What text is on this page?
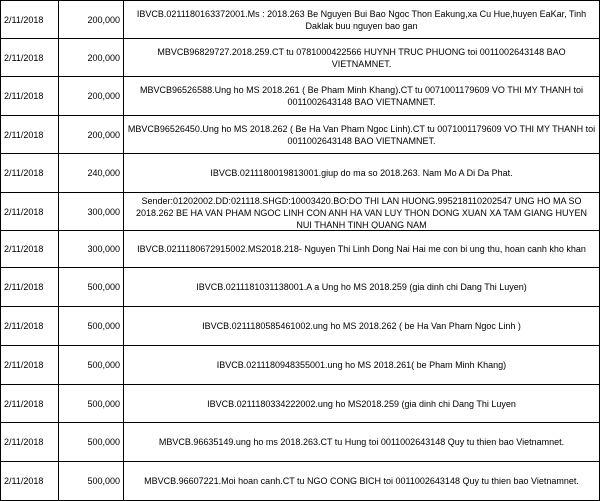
2/11/2018	200,000	IBVCB.0211180163372001.Ms : 2018.263 Be Nguyen Bui Bao Ngoc Thon Eakung,xa Cu Hue,huyen EaKar, Tinh Daklak buu nguyen bao gan
2/11/2018	200,000	MBVCB96829727.2018.259.CT tu 0781000422566 HUYNH TRUC PHUONG toi 0011002643148 BAO VIETNAMNET.
2/11/2018	200,000	MBVCB96526588.Ung ho MS 2018.261 ( Be Pham Minh Khang).CT tu 0071001179609 VO THI MY THANH toi 0011002643148 BAO VIETNAMNET.
2/11/2018	200,000	MBVCB96526450.Ung ho MS 2018.262 ( Be Ha Van Pham Ngoc Linh).CT tu 0071001179609 VO THI MY THANH toi 0011002643148 BAO VIETNAMNET.
2/11/2018	240,000	IBVCB.0211180019813001.giup do ma so 2018.263. Nam Mo A Di Da Phat.
2/11/2018	300,000	Sender:01202002.DD:021118.SHGD:10003420.BO:DO THI LAN HUONG.995218110202547 UNG HO MA SO 2018.262 BE HA VAN PHAM NGOC LINH CON ANH HA VAN LUY THON DONG XUAN XA TAM GIANG HUYEN NUI THANH TINH QUANG NAM

2/11/2018	300,000	IBVCB.0211180672915002.MS2018.218- Nguyen Thi Linh Dong Nai Hai me con bi ung thu, hoan canh kho khan
2/11/2018	500,000	IBVCB.0211181031138001.A a Ung ho MS 2018.259 (gia dinh chi Dang Thi Luyen)
2/11/2018	500,000	IBVCB.0211180585461002.ung ho MS 2018.262 ( be Ha Van Pham Ngoc Linh )
2/11/2018	500,000	IBVCB.0211180948355001.ung ho MS 2018.261( be Pham Minh Khang)
2/11/2018	500,000	IBVCB.0211180334222002.ung ho MS2018.259 (gia dinh chi Dang Thi Luyen
2/11/2018	500,000	MBVCB.96635149.ung ho ms 2018.263.CT tu Hung toi 0011002643148 Quy tu thien bao Vietnamnet.
2/11/2018	500,000	MBVCB.96607221.Moi hoan canh.CT tu NGO CONG BICH toi 0011002643148 Quy tu thien bao Vietnamnet.
